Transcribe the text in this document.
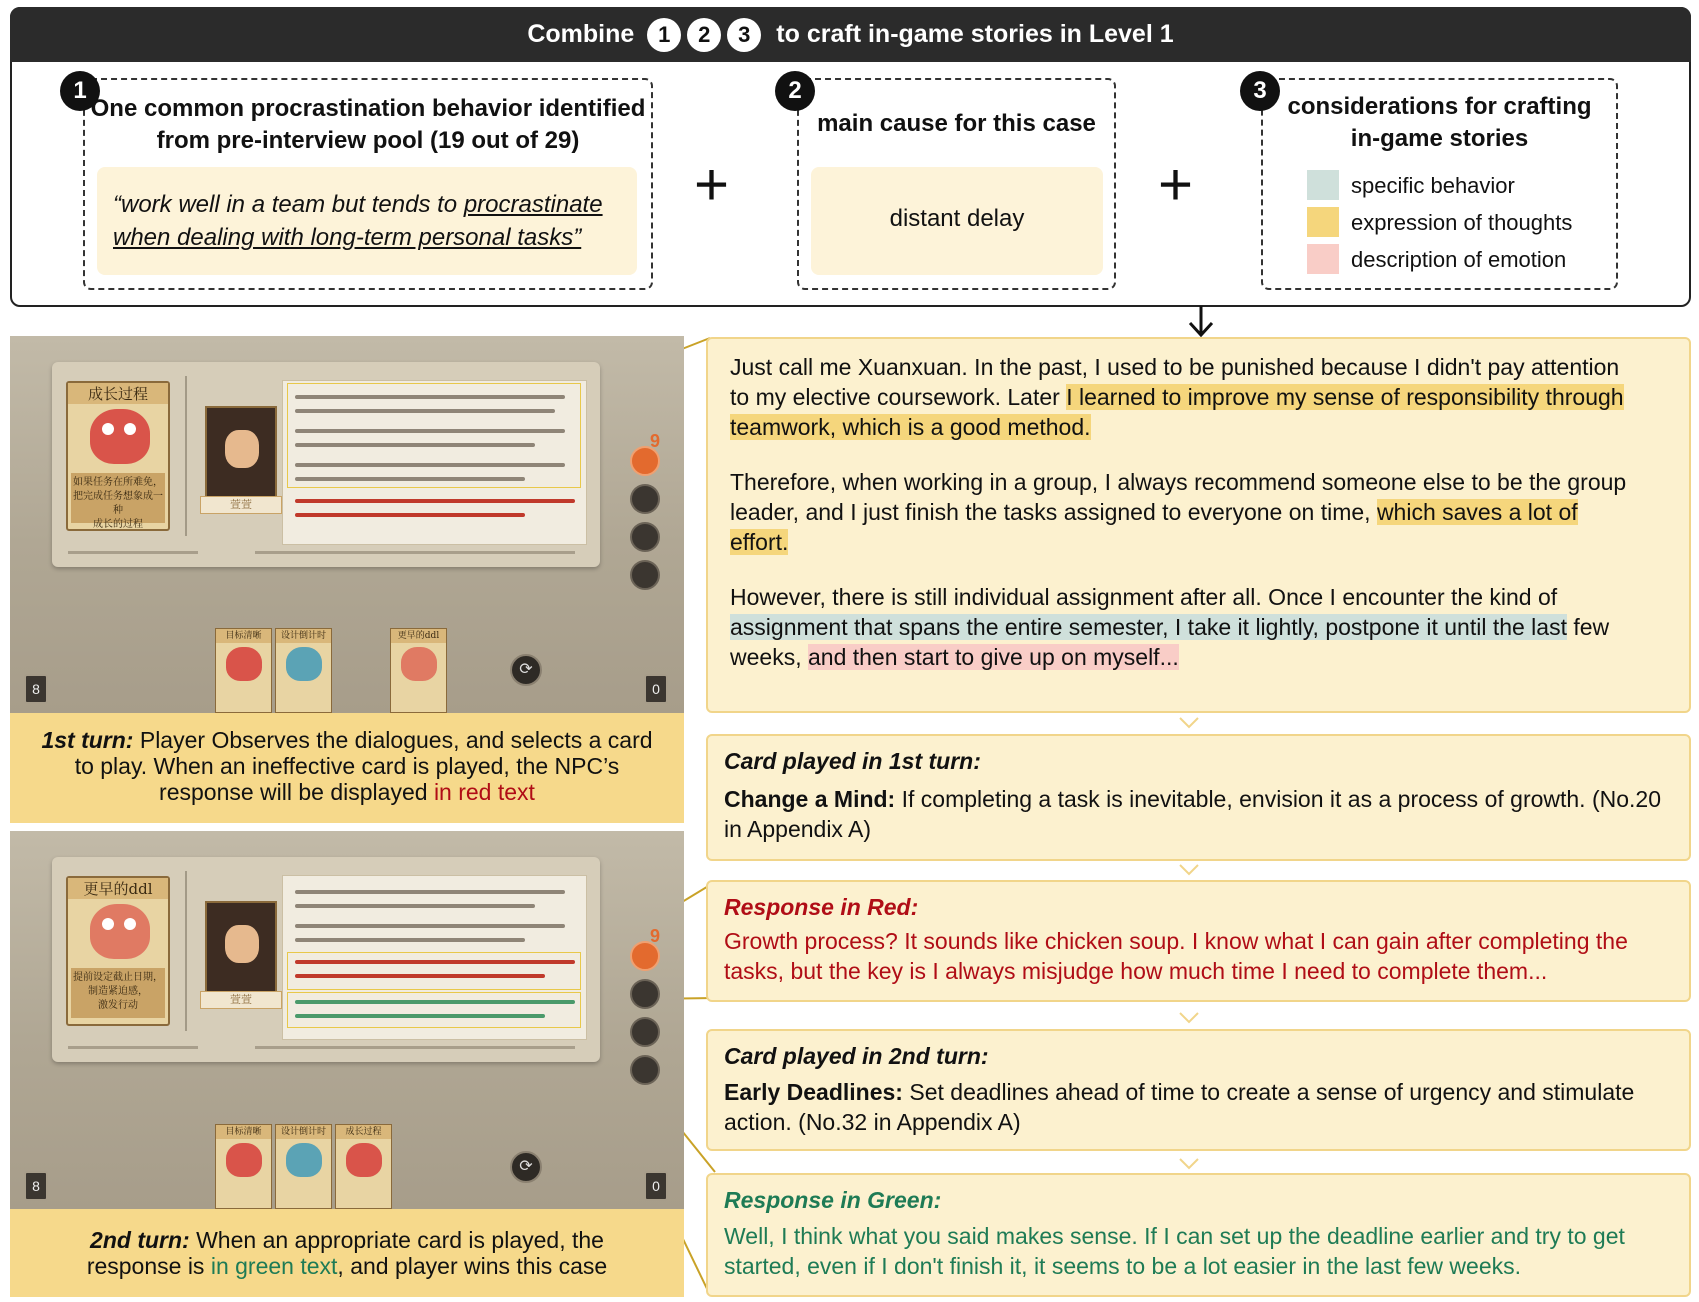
Combine	1	2	3	to craft in-game stories in Level 1
1
One common procrastination behavior identified
from pre-interview pool (19 out of 29)
“work well in a team but tends to procrastinate
when dealing with long-term personal tasks”
+
2
main cause for this case
distant delay
+
3
considerations for crafting
in-game stories
specific behavior
expression of thoughts
description of emotion
成长过程
如果任务在所难免，
把完成任务想象成一种
成长的过程
萱萱
9
目标清晰	设计倒计时	更早的ddl
8	0
⟳
1st turn: Player Observes the dialogues, and selects a card
to play. When an ineffective card is played, the NPC’s
response will be displayed in red text
更早的ddl
提前设定截止日期，
制造紧迫感，
激发行动	萱萱
9
目标清晰	设计倒计时	成长过程
8	0
⟳
2nd turn: When an appropriate card is played, the
response is in green text, and player wins this case

Just call me Xuanxuan. In the past, I used to be punished because I didn't pay attention to my elective coursework. Later I learned to improve my sense of responsibility through teamwork, which is a good method.

Therefore, when working in a group, I always recommend someone else to be the group leader, and I just finish the tasks assigned to everyone on time, which saves a lot of effort.

However, there is still individual assignment after all. Once I encounter the kind of assignment that spans the entire semester, I take it lightly, postpone it until the last few weeks, and then start to give up on myself...

Card played in 1st turn:
Change a Mind: If completing a task is inevitable, envision it as a process of growth. (No.20 in Appendix A)
Response in Red:
Growth process? It sounds like chicken soup. I know what I can gain after completing the tasks, but the key is I always misjudge how much time I need to complete them...
Card played in 2nd turn:
Early Deadlines: Set deadlines ahead of time to create a sense of urgency and stimulate action. (No.32 in Appendix A)
Response in Green:
Well, I think what you said makes sense. If I can set up the deadline earlier and try to get started, even if I don't finish it, it seems to be a lot easier in the last few weeks.
